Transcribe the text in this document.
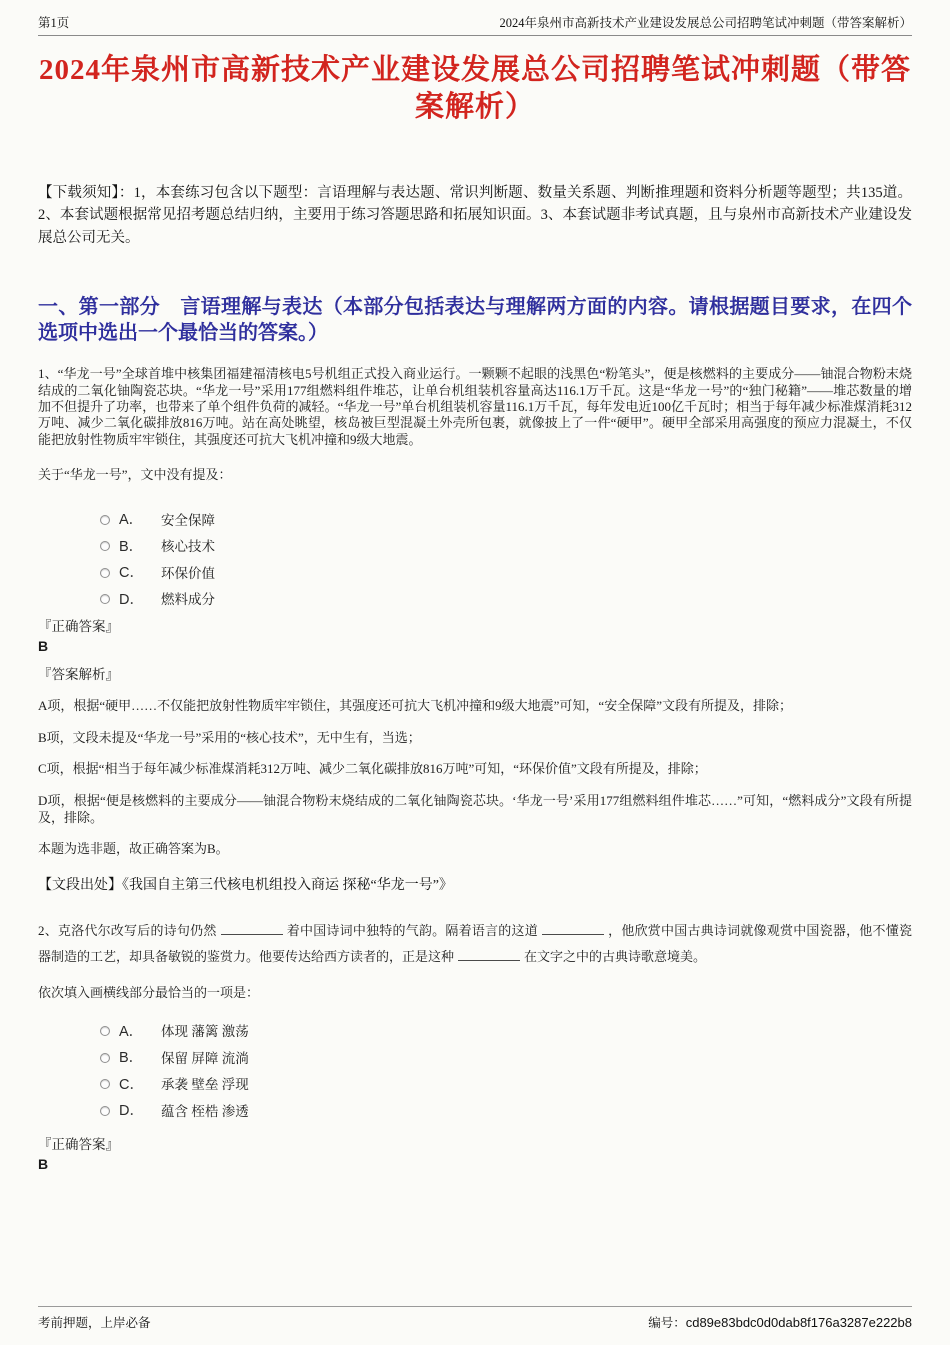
第1页	2024年泉州市高新技术产业建设发展总公司招聘笔试冲刺题（带答案解析）
2024年泉州市高新技术产业建设发展总公司招聘笔试冲刺题（带答案解析）

【下载须知】：1，本套练习包含以下题型：言语理解与表达题、常识判断题、数量关系题、判断推理题和资料分析题等题型；共135道。2、本套试题根据常见招考题总结归纳，主要用于练习答题思路和拓展知识面。3、本套试题非考试真题，且与泉州市高新技术产业建设发展总公司无关。

一、第一部分　言语理解与表达（本部分包括表达与理解两方面的内容。请根据题目要求，在四个选项中选出一个最恰当的答案。）

1、“华龙一号”全球首堆中核集团福建福清核电5号机组正式投入商业运行。一颗颗不起眼的浅黑色“粉笔头”，便是核燃料的主要成分——铀混合物粉末烧结成的二氧化铀陶瓷芯块。“华龙一号”采用177组燃料组件堆芯，让单台机组装机容量高达116.1万千瓦。这是“华龙一号”的“独门秘籍”——堆芯数量的增加不但提升了功率，也带来了单个组件负荷的减轻。“华龙一号”单台机组装机容量116.1万千瓦，每年发电近100亿千瓦时；相当于每年减少标准煤消耗312万吨、减少二氧化碳排放816万吨。站在高处眺望，核岛被巨型混凝土外壳所包裹，就像披上了一件“硬甲”。硬甲全部采用高强度的预应力混凝土，不仅能把放射性物质牢牢锁住，其强度还可抗大飞机冲撞和9级大地震。

关于“华龙一号”，文中没有提及：

A．	安全保障
B．	核心技术
C．	环保价值
D．	燃料成分

『正确答案』

B

『答案解析』

A项，根据“硬甲……不仅能把放射性物质牢牢锁住，其强度还可抗大飞机冲撞和9级大地震”可知，“安全保障”文段有所提及，排除；

B项，文段未提及“华龙一号”采用的“核心技术”，无中生有，当选；

C项，根据“相当于每年减少标准煤消耗312万吨、减少二氧化碳排放816万吨”可知，“环保价值”文段有所提及，排除；

D项，根据“便是核燃料的主要成分——铀混合物粉末烧结成的二氧化铀陶瓷芯块。‘华龙一号’采用177组燃料组件堆芯……”可知，“燃料成分”文段有所提及，排除。

本题为选非题，故正确答案为B。

【文段出处】《我国自主第三代核电机组投入商运 探秘“华龙一号”》

2、克洛代尔改写后的诗句仍然	着中国诗词中独特的气韵。隔着语言的这道	，他欣赏中国古典诗词就像观赏中国瓷器，他不懂瓷器制造的工艺，却具备敏锐的鉴赏力。他要传达给西方读者的，正是这种	在文字之中的古典诗歌意境美。

依次填入画横线部分最恰当的一项是：

A．	体现 藩篱 激荡
B．	保留 屏障 流淌
C．	承袭 壁垒 浮现
D．	蕴含 桎梏 渗透

『正确答案』

B

考前押题，上岸必备	编号：cd89e83bdc0d0dab8f176a3287e222b8
